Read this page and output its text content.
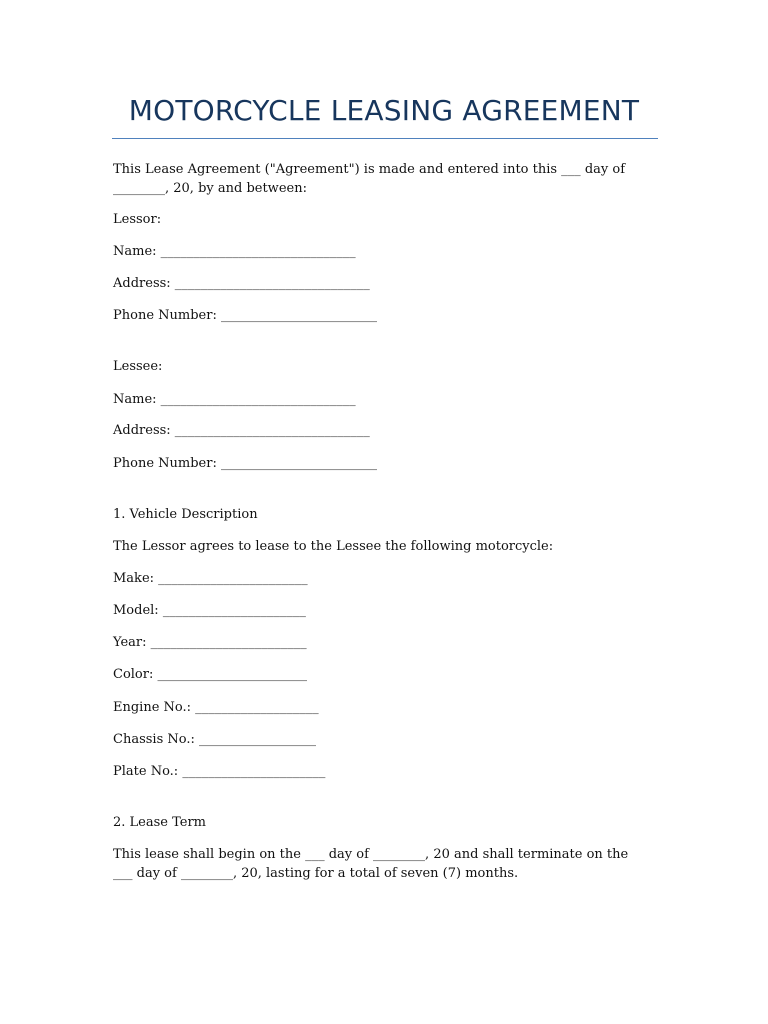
MOTORCYCLE LEASING AGREEMENT
This Lease Agreement ("Agreement") is made and entered into this ___ day of ________, 20, by and between:
Lessor:
Name: ______________________________
Address: ______________________________
Phone Number: ________________________
Lessee:
Name: ______________________________
Address: ______________________________
Phone Number: ________________________
1. Vehicle Description
The Lessor agrees to lease to the Lessee the following motorcycle:
Make: _______________________
Model: ______________________
Year: ________________________
Color: _______________________
Engine No.: ___________________
Chassis No.: __________________
Plate No.: ______________________
2. Lease Term
This lease shall begin on the ___ day of ________, 20 and shall terminate on the ___ day of ________, 20, lasting for a total of seven (7) months.
